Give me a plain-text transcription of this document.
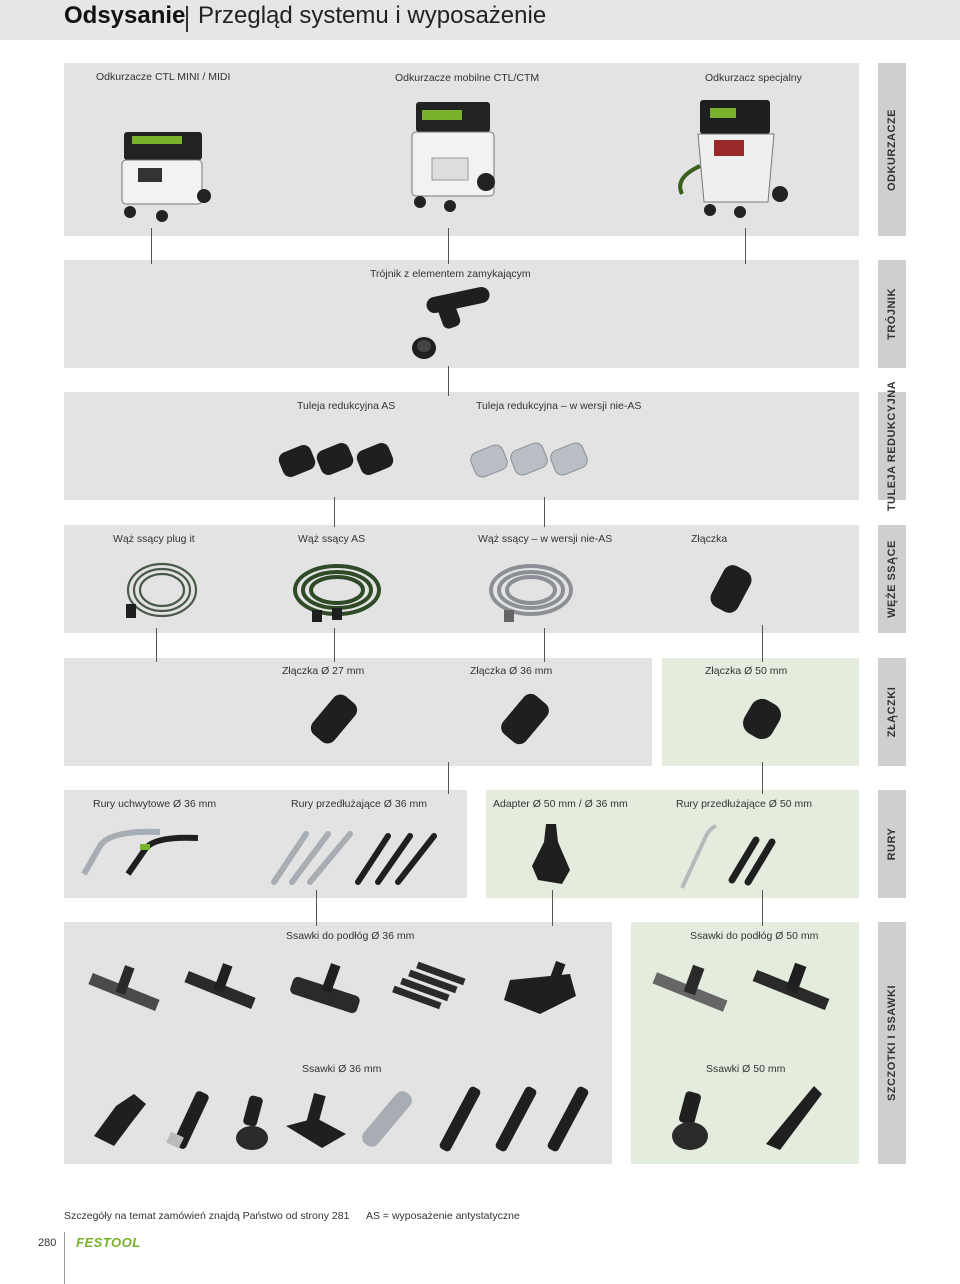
Odsysanie Przegląd systemu i wyposażenie
ODKURZACZE
TRÓJNIK
TULEJA REDUKCYJNA
WĘŻE SSĄCE
ZŁĄCZKI
RURY
SZCZOTKI I SSAWKI
Odkurzacze CTL MINI / MIDI	Odkurzacze mobilne CTL/CTM	Odkurzacz specjalny
Trójnik z elementem zamykającym
Tuleja redukcyjna AS	Tuleja redukcyjna – w wersji nie-AS
Wąż ssący plug it	Wąż ssący AS	Wąż ssący – w wersji nie-AS	Złączka
Złączka Ø 27 mm	Złączka Ø 36 mm	Złączka Ø 50 mm
Rury uchwytowe Ø 36 mm	Rury przedłużające Ø 36 mm	Adapter Ø 50 mm / Ø 36 mm	Rury przedłużające Ø 50 mm
Ssawki do podłóg Ø 36 mm	Ssawki do podłóg Ø 50 mm
Ssawki Ø 36 mm	Ssawki Ø 50 mm
Szczegóły na temat zamówień znajdą Państwo od strony 281 AS = wyposażenie antystatyczne
280 FESTOOL
